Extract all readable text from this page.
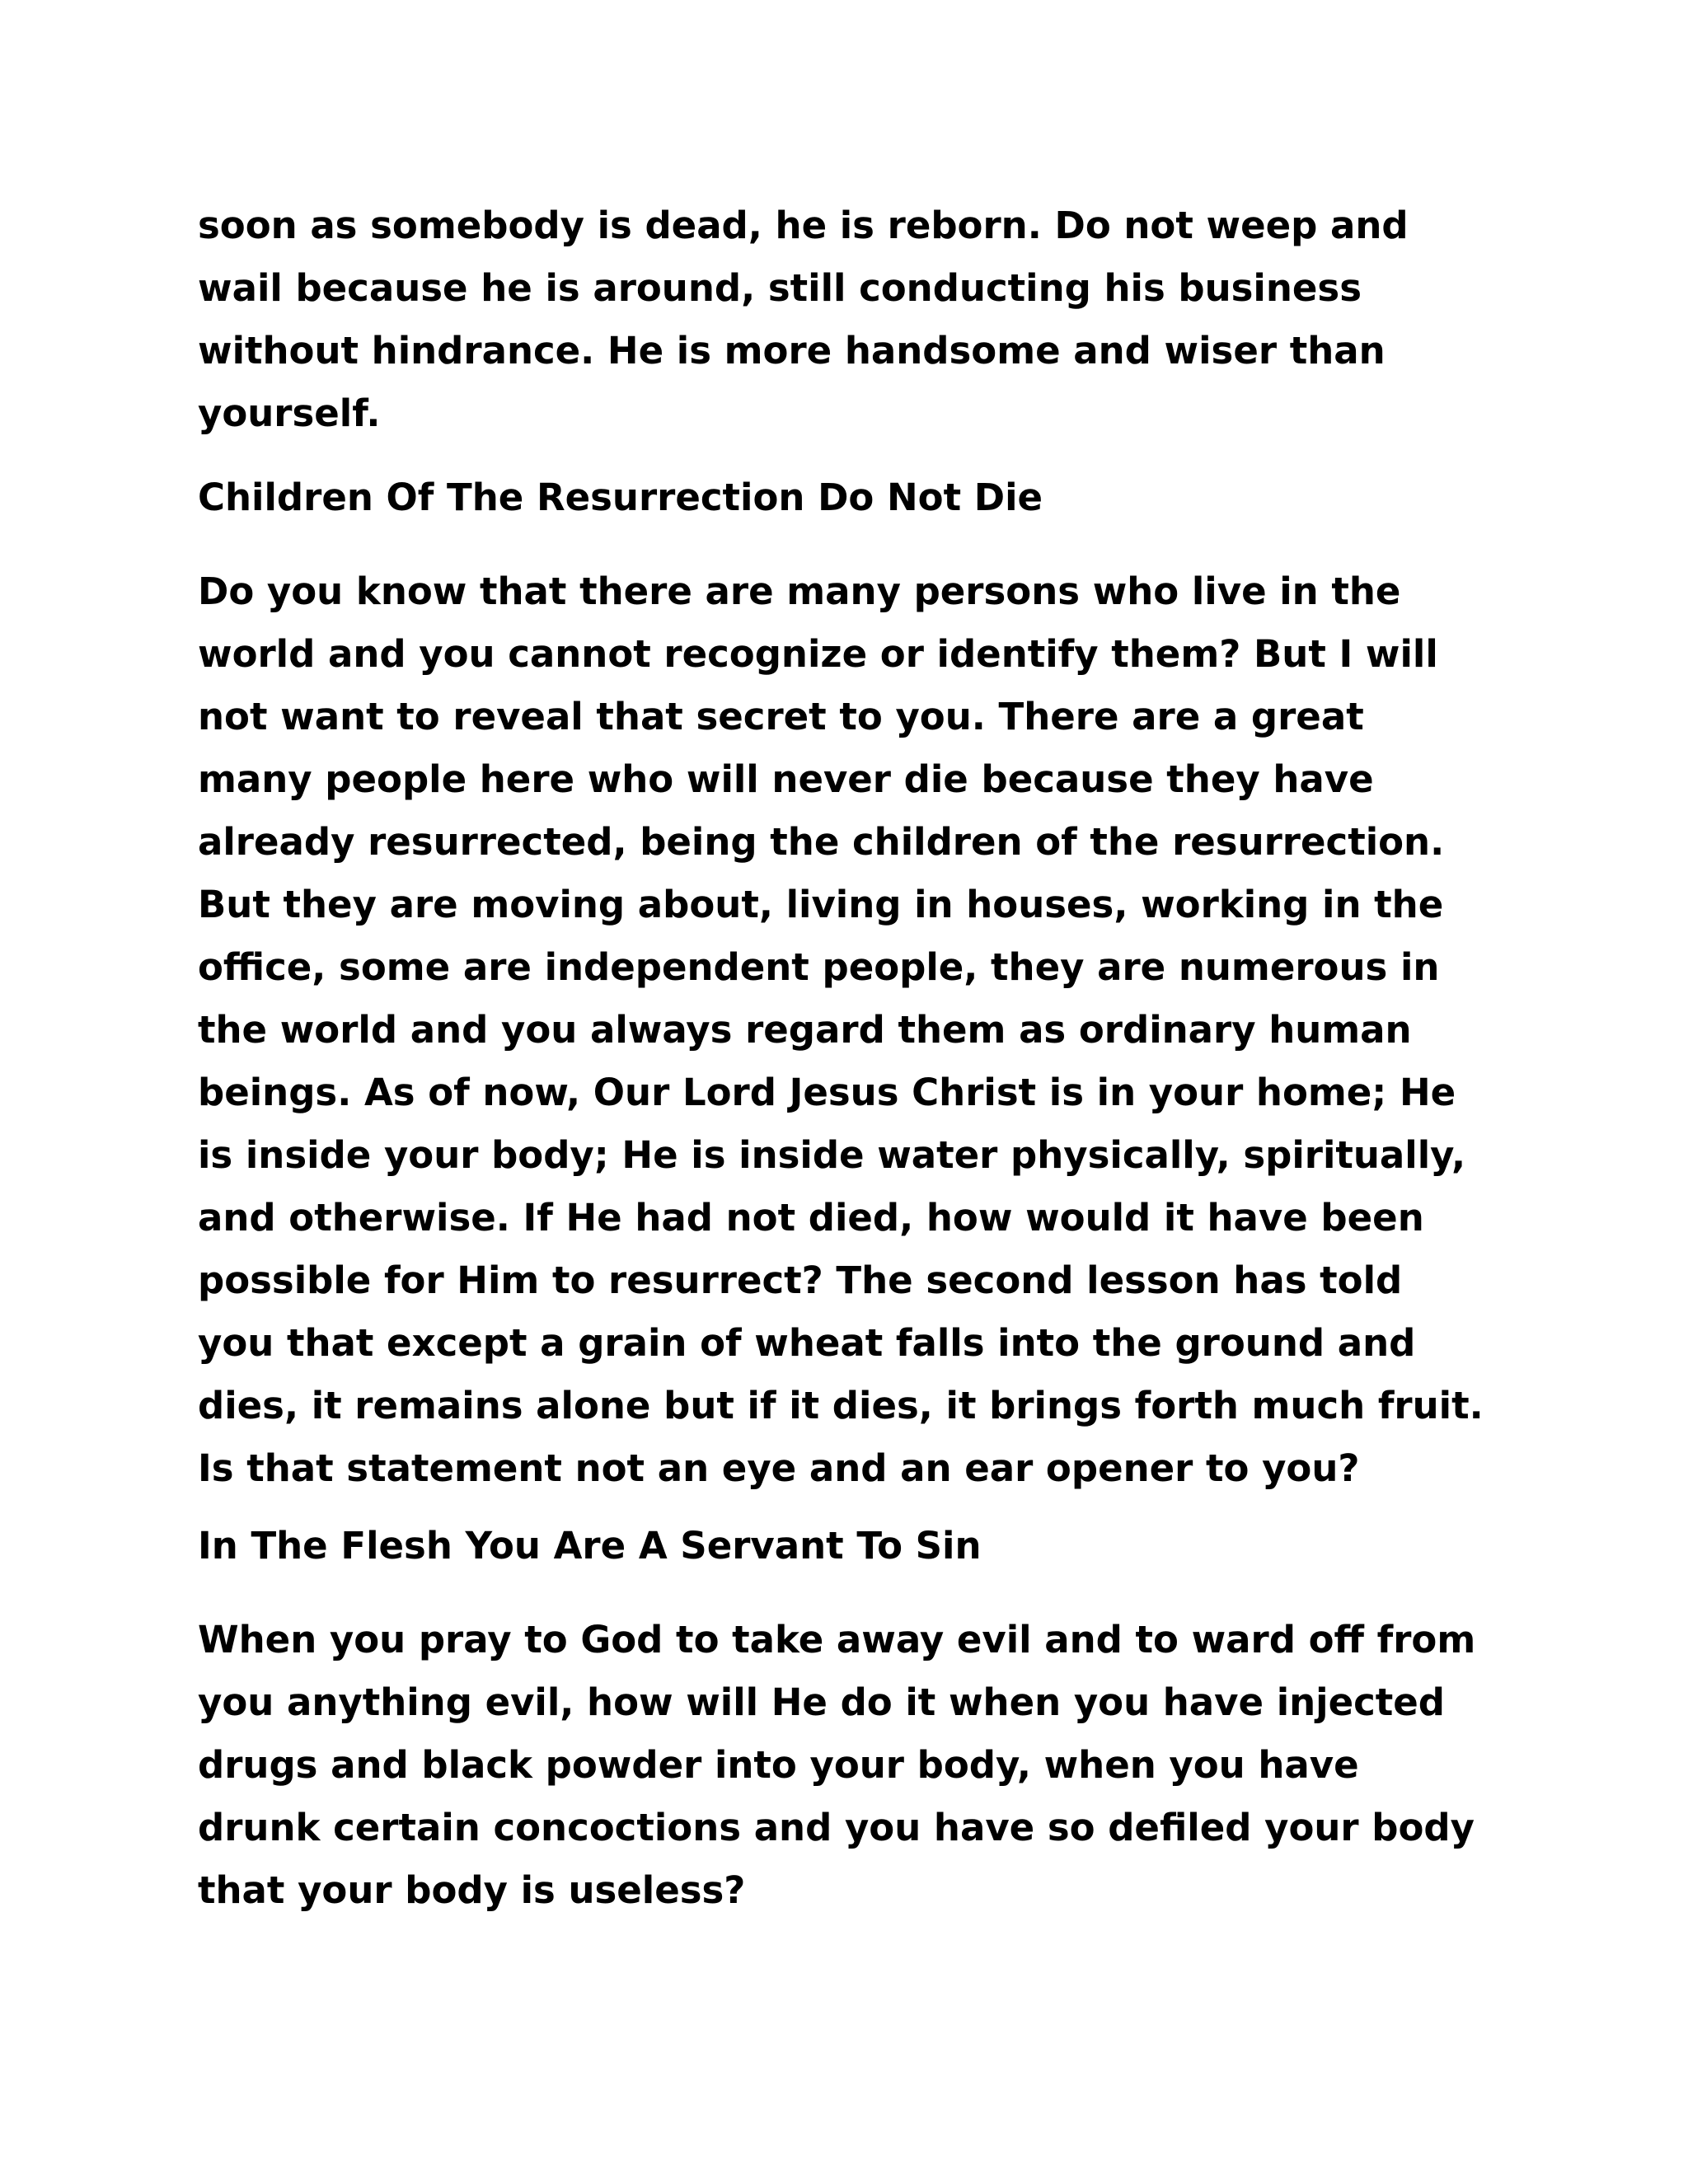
soon as somebody is dead, he is reborn. Do not weep and
wail because he is around, still conducting his business
without hindrance. He is more handsome and wiser than
yourself.
Children Of The Resurrection Do Not Die
Do you know that there are many persons who live in the
world and you cannot recognize or identify them? But I will
not want to reveal that secret to you. There are a great
many people here who will never die because they have
already resurrected, being the children of the resurrection.
But they are moving about, living in houses, working in the
office, some are independent people, they are numerous in
the world and you always regard them as ordinary human
beings. As of now, Our Lord Jesus Christ is in your home; He
is inside your body; He is inside water physically, spiritually,
and otherwise. If He had not died, how would it have been
possible for Him to resurrect? The second lesson has told
you that except a grain of wheat falls into the ground and
dies, it remains alone but if it dies, it brings forth much fruit.
Is that statement not an eye and an ear opener to you?
In The Flesh You Are A Servant To Sin
When you pray to God to take away evil and to ward off from
you anything evil, how will He do it when you have injected
drugs and black powder into your body, when you have
drunk certain concoctions and you have so defiled your body
that your body is useless?
